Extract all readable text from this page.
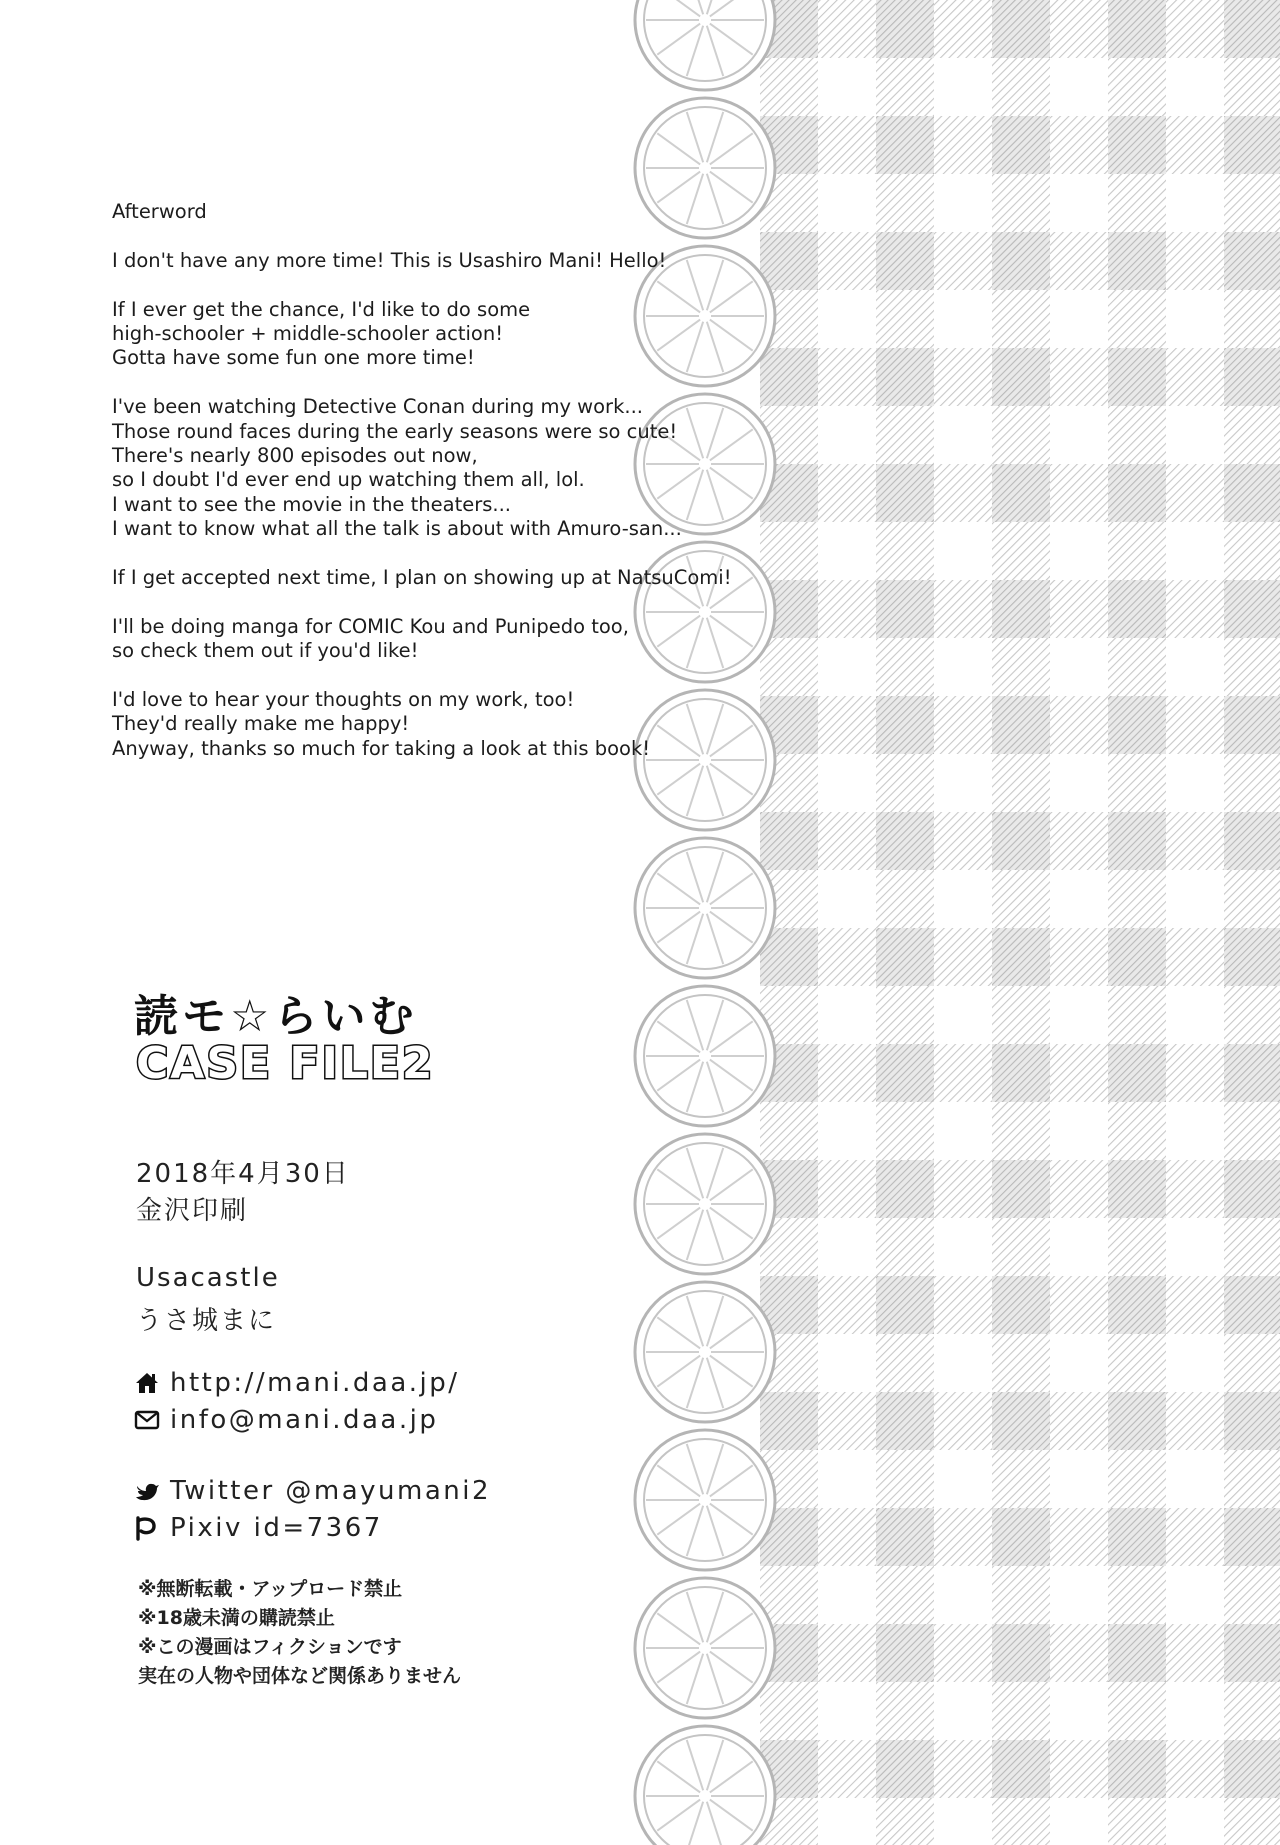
Afterword

I don't have any more time! This is Usashiro Mani! Hello!

If I ever get the chance, I'd like to do some
high-schooler + middle-schooler action!
Gotta have some fun one more time!

I've been watching Detective Conan during my work...
Those round faces during the early seasons were so cute!
There's nearly 800 episodes out now,
so I doubt I'd ever end up watching them all, lol.
I want to see the movie in the theaters...
I want to know what all the talk is about with Amuro-san...

If I get accepted next time, I plan on showing up at NatsuComi!

I'll be doing manga for COMIC Kou and Punipedo too,
so check them out if you'd like!

I'd love to hear your thoughts on my work, too!
They'd really make me happy!
Anyway, thanks so much for taking a look at this book!

読モ☆らいむ
CASE FILE2
2018年4月30日
金沢印刷
Usacastle
うさ城まに
http://mani.daa.jp/
info@mani.daa.jp
Twitter @mayumani2
Pixiv id=7367
※無断転載・アップロード禁止
※18歳未満の購読禁止
※この漫画はフィクションです
実在の人物や団体など関係ありません
